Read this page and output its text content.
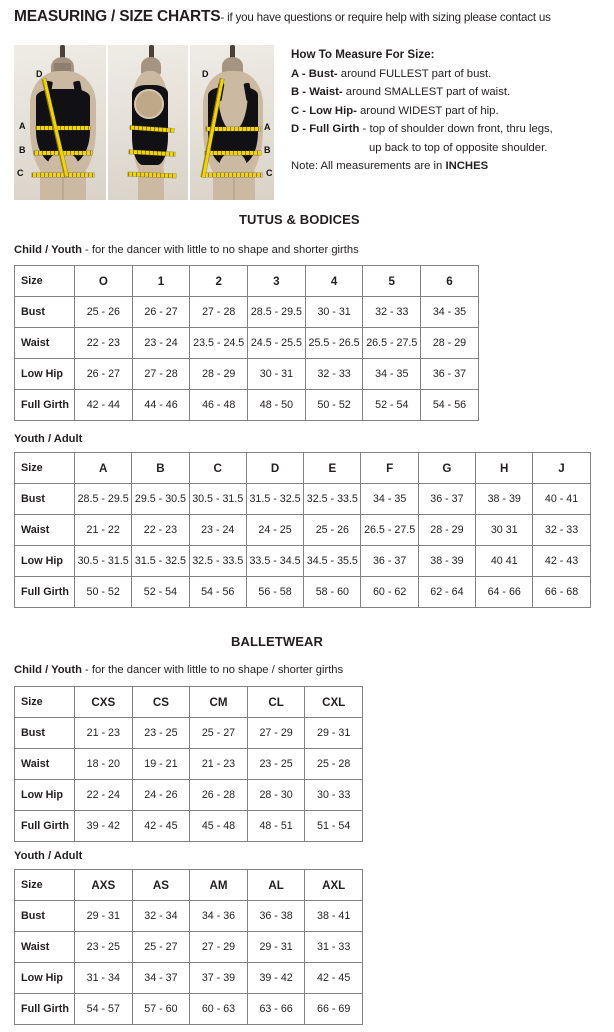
MEASURING / SIZE CHARTS- if you have questions or require help with sizing please contact us
D
A
B
C
D
A
B
C
How To Measure For Size:
A - Bust- around FULLEST part of bust.
B - Waist- around SMALLEST part of waist.
C - Low Hip- around WIDEST part of hip.
D - Full Girth - top of shoulder down front, thru legs,
up back to top of opposite shoulder.
Note: All measurements are in INCHES
TUTUS & BODICES
Child / Youth - for the dancer with little to no shape and shorter girths
Size	O	1	2	3	4	5	6
Bust	25 - 26	26 - 27	27 - 28	28.5 - 29.5	30 - 31	32 - 33	34 - 35
Waist	22 - 23	23 - 24	23.5 - 24.5	24.5 - 25.5	25.5 - 26.5	26.5 - 27.5	28 - 29
Low Hip	26 - 27	27 - 28	28 - 29	30 - 31	32 - 33	34 - 35	36 - 37
Full Girth	42 - 44	44 - 46	46 - 48	48 - 50	50 - 52	52 - 54	54 - 56
Youth / Adult
Size	A	B	C	D	E	F	G	H	J
Bust	28.5 - 29.5	29.5 - 30.5	30.5 - 31.5	31.5 - 32.5	32.5 - 33.5	34 - 35	36 - 37	38 - 39	40 - 41
Waist	21 - 22	22 - 23	23 - 24	24 - 25	25 - 26	26.5 - 27.5	28 - 29	30 31	32 - 33
Low Hip	30.5 - 31.5	31.5 - 32.5	32.5 - 33.5	33.5 - 34.5	34.5 - 35.5	36 - 37	38 - 39	40 41	42 - 43
Full Girth	50 - 52	52 - 54	54 - 56	56 - 58	58 - 60	60 - 62	62 - 64	64 - 66	66 - 68
BALLETWEAR
Child / Youth - for the dancer with little to no shape / shorter girths
Size	CXS	CS	CM	CL	CXL
Bust	21 - 23	23 - 25	25 - 27	27 - 29	29 - 31
Waist	18 - 20	19 - 21	21 - 23	23 - 25	25 - 28
Low Hip	22 - 24	24 - 26	26 - 28	28 - 30	30 - 33
Full Girth	39 - 42	42 - 45	45 - 48	48 - 51	51 - 54
Youth / Adult
Size	AXS	AS	AM	AL	AXL
Bust	29 - 31	32 - 34	34 - 36	36 - 38	38 - 41
Waist	23 - 25	25 - 27	27 - 29	29 - 31	31 - 33
Low Hip	31 - 34	34 - 37	37 - 39	39 - 42	42 - 45
Full Girth	54 - 57	57 - 60	60 - 63	63 - 66	66 - 69
